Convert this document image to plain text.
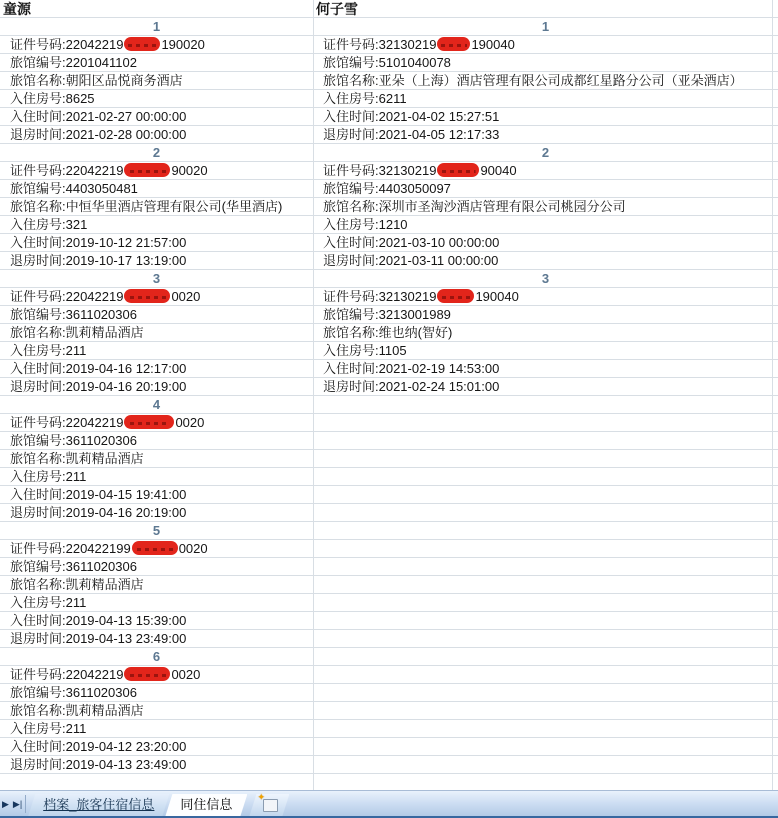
童源
1
证件号码:22042219	190020
旅馆编号:2201041102
旅馆名称:朝阳区品悦商务酒店
入住房号:8625
入住时间:2021-02-27 00:00:00
退房时间:2021-02-28 00:00:00
2
证件号码:22042219	90020
旅馆编号:4403050481
旅馆名称:中恒华里酒店管理有限公司(华里酒店)
入住房号:321
入住时间:2019-10-12 21:57:00
退房时间:2019-10-17 13:19:00
3
证件号码:22042219	0020
旅馆编号:3611020306
旅馆名称:凯莉精品酒店
入住房号:211
入住时间:2019-04-16 12:17:00
退房时间:2019-04-16 20:19:00
4
证件号码:22042219	0020
旅馆编号:3611020306
旅馆名称:凯莉精品酒店
入住房号:211
入住时间:2019-04-15 19:41:00
退房时间:2019-04-16 20:19:00
5
证件号码:220422199	0020
旅馆编号:3611020306
旅馆名称:凯莉精品酒店
入住房号:211
入住时间:2019-04-13 15:39:00
退房时间:2019-04-13 23:49:00
6
证件号码:22042219	0020
旅馆编号:3611020306
旅馆名称:凯莉精品酒店
入住房号:211
入住时间:2019-04-12 23:20:00
退房时间:2019-04-13 23:49:00
何子雪
1
证件号码:32130219	190040
旅馆编号:5101040078
旅馆名称:亚朵（上海）酒店管理有限公司成都红星路分公司（亚朵酒店）
入住房号:6211
入住时间:2021-04-02 15:27:51
退房时间:2021-04-05 12:17:33
2
证件号码:32130219	90040
旅馆编号:4403050097
旅馆名称:深圳市圣淘沙酒店管理有限公司桃园分公司
入住房号:1210
入住时间:2021-03-10 00:00:00
退房时间:2021-03-11 00:00:00
3
证件号码:32130219	190040
旅馆编号:3213001989
旅馆名称:维也纳(智好)
入住房号:1105
入住时间:2021-02-19 14:53:00
退房时间:2021-02-24 15:01:00
▶ ▶|	档案_旅客住宿信息	同住信息	✦
